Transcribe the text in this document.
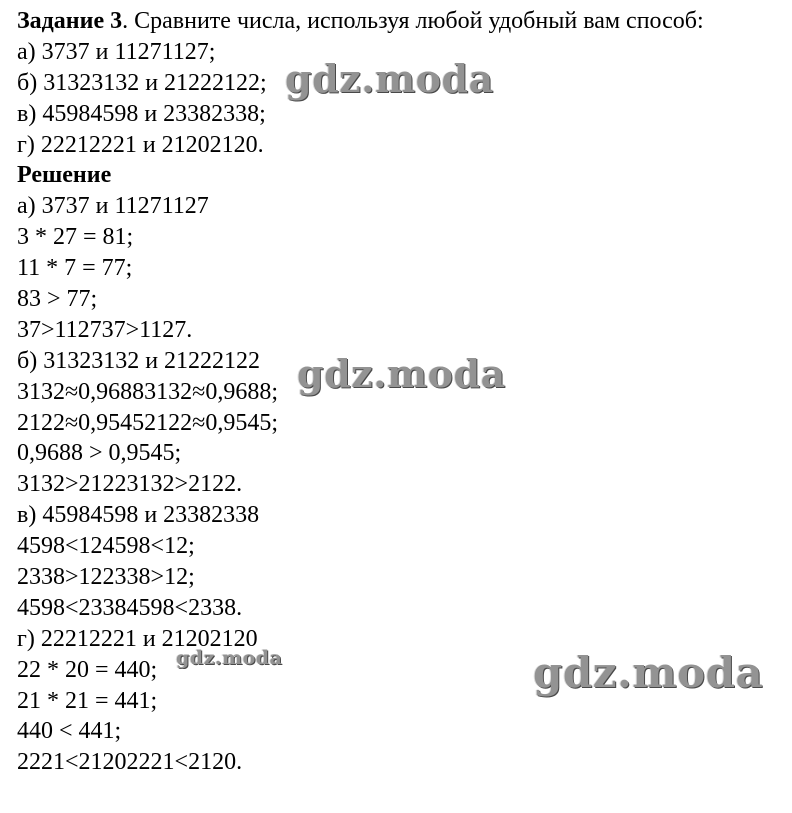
Задание 3. Сравните числа, используя любой удобный вам способ:
а) 3737 и 11271127;
б) 31323132 и 21222122;
в) 45984598 и 23382338;
г) 22212221 и 21202120.
Решение
а) 3737 и 11271127
3 * 27 = 81;
11 * 7 = 77;
83 > 77;
37>112737>1127.
б) 31323132 и 21222122
3132≈0,96883132≈0,9688;
2122≈0,95452122≈0,9545;
0,9688 > 0,9545;
3132>21223132>2122.
в) 45984598 и 23382338
4598<124598<12;
2338>122338>12;
4598<23384598<2338.
г) 22212221 и 21202120
22 * 20 = 440;
21 * 21 = 441;
440 < 441;
2221<21202221<2120.
gdz.moda
gdz.moda
gdz.moda	gdz.moda
